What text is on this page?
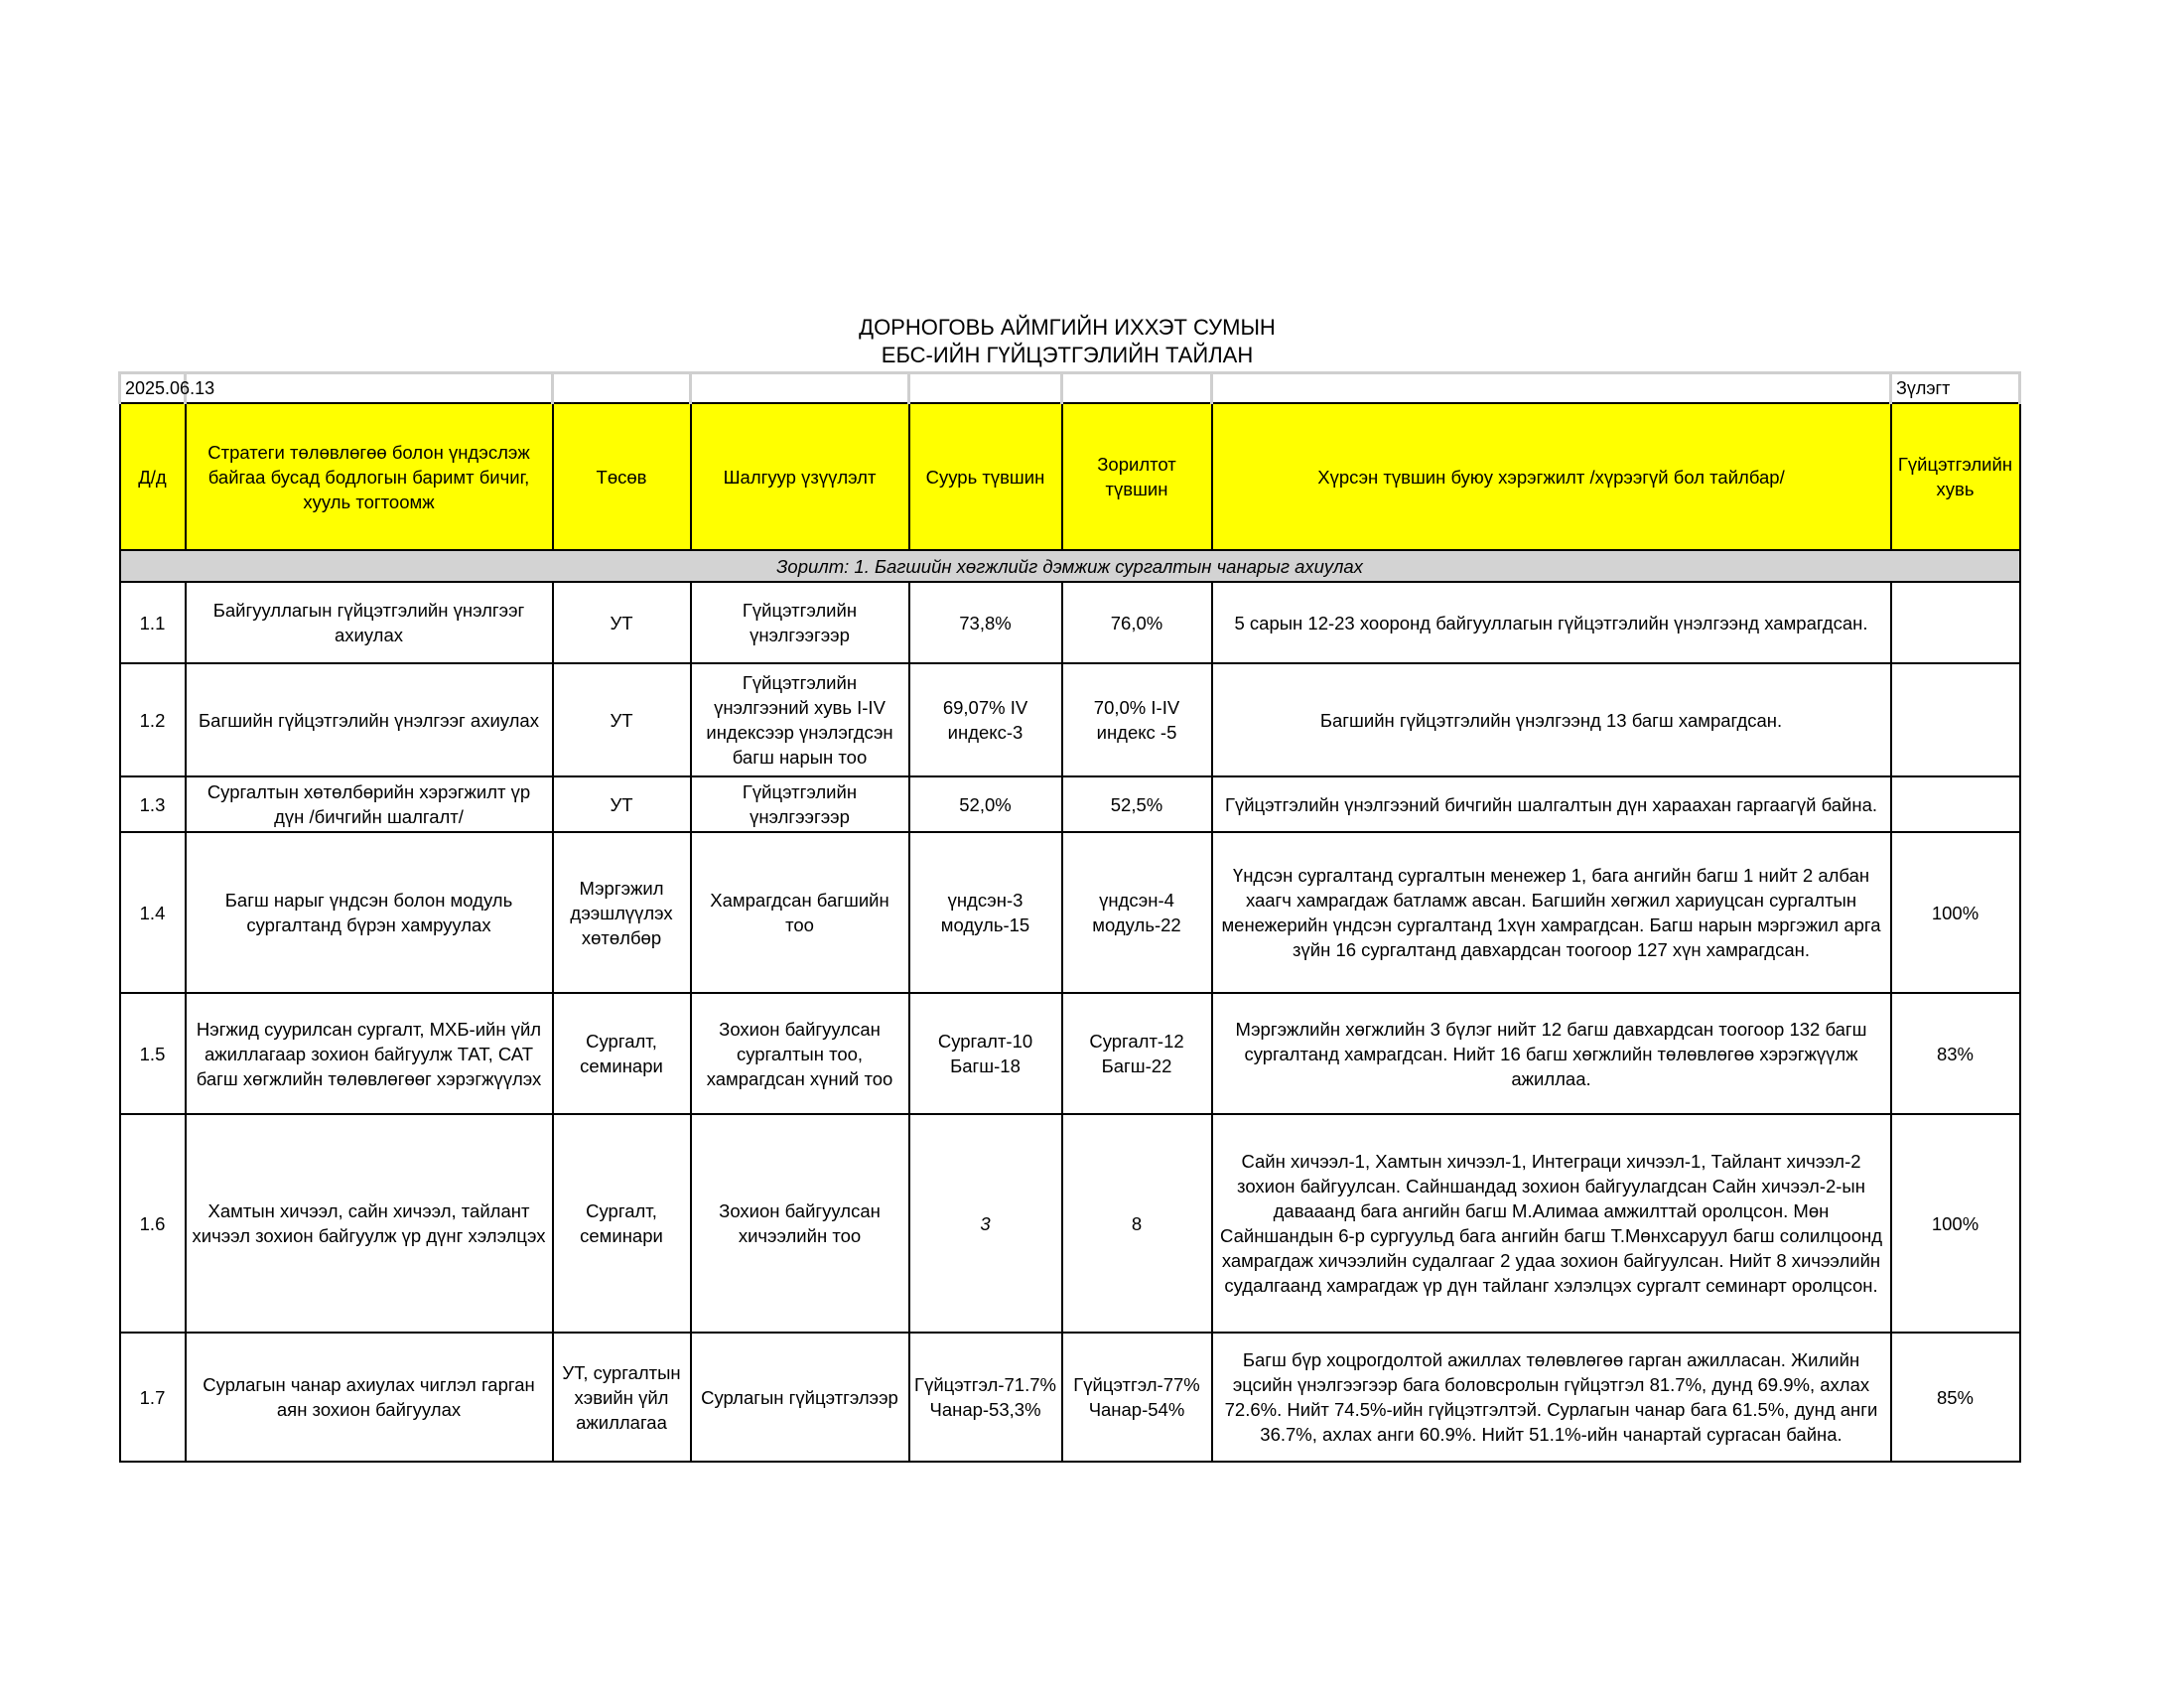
ДОРНОГОВЬ АЙМГИЙН ИХХЭТ СУМЫН
ЕБС-ИЙН ГҮЙЦЭТГЭЛИЙН ТАЙЛАН
2025.06.13							Зүлэгт
Д/д	Стратеги төлөвлөгөө болон үндэслэж байгаа бусад бодлогын баримт бичиг, хууль тогтоомж	Төсөв	Шалгуур үзүүлэлт	Суурь түвшин	Зорилтот түвшин	Хүрсэн түвшин буюу хэрэгжилт /хүрээгүй бол тайлбар/	Гүйцэтгэлийн хувь
Зорилт: 1. Багшийн хөгжлийг дэмжиж сургалтын чанарыг ахиулах							
1.1	Байгууллагын гүйцэтгэлийн үнэлгээг ахиулах	УТ	Гүйцэтгэлийн үнэлгээгээр	73,8%	76,0%	5 сарын 12-23 хооронд байгууллагын гүйцэтгэлийн үнэлгээнд хамрагдсан.	
1.2	Багшийн гүйцэтгэлийн үнэлгээг ахиулах	УТ	Гүйцэтгэлийн үнэлгээний хувь I-IV индексээр үнэлэгдсэн багш нарын тоо	69,07% IV индекс-3	70,0% I-IV индекс -5	Багшийн гүйцэтгэлийн үнэлгээнд 13 багш хамрагдсан.	
1.3	Сургалтын хөтөлбөрийн хэрэгжилт үр дүн /бичгийн шалгалт/	УТ	Гүйцэтгэлийн үнэлгээгээр	52,0%	52,5%	Гүйцэтгэлийн үнэлгээний бичгийн шалгалтын дүн хараахан гаргаагүй байна.	
1.4	Багш нарыг үндсэн болон модуль сургалтанд бүрэн хамруулах	Мэргэжил дээшлүүлэх хөтөлбөр	Хамрагдсан багшийн тоо	үндсэн-3 модуль-15	үндсэн-4 модуль-22	Үндсэн сургалтанд сургалтын менежер 1, бага ангийн багш 1 нийт 2 албан хаагч хамрагдаж батламж авсан. Багшийн хөгжил хариуцсан сургалтын менежерийн үндсэн сургалтанд 1хүн хамрагдсан. Багш нарын мэргэжил арга зүйн 16 сургалтанд давхардсан тоогоор 127 хүн хамрагдсан.	100%
1.5	Нэгжид суурилсан сургалт, МХБ-ийн үйл ажиллагаар зохион байгуулж ТАТ, САТ багш хөгжлийн төлөвлөгөөг хэрэгжүүлэх	Сургалт, семинари	Зохион байгуулсан сургалтын тоо, хамрагдсан хүний тоо	Сургалт-10 Багш-18	Сургалт-12 Багш-22	Мэргэжлийн хөгжлийн 3 бүлэг нийт 12 багш давхардсан тоогоор 132 багш сургалтанд хамрагдсан. Нийт 16 багш хөгжлийн төлөвлөгөө хэрэгжүүлж ажиллаа.	83%
1.6	Хамтын хичээл, сайн хичээл, тайлант хичээл зохион байгуулж үр дүнг хэлэлцэх	Сургалт, семинари	Зохион байгуулсан хичээлийн тоо	3	8	Сайн хичээл-1, Хамтын хичээл-1, Интеграци хичээл-1, Тайлант хичээл-2 зохион байгуулсан. Сайншандад зохион байгуулагдсан Сайн хичээл-2-ын давааанд бага ангийн багш М.Алимаа амжилттай оролцсон. Мөн Сайншандын 6-р сургуульд бага ангийн багш Т.Мөнхсаруул багш солилцоонд хамрагдаж хичээлийн судалгааг 2 удаа зохион байгуулсан. Нийт 8 хичээлийн судалгаанд хамрагдаж үр дүн тайланг хэлэлцэх сургалт семинарт оролцсон.	100%
1.7	Сурлагын чанар ахиулах чиглэл гарган аян зохион байгуулах	УТ, сургалтын хэвийн үйл ажиллагаа	Сурлагын гүйцэтгэлээр	Гүйцэтгэл-71.7% Чанар-53,3%	Гүйцэтгэл-77% Чанар-54%	Багш бүр хоцрогдолтой ажиллах төлөвлөгөө гарган ажилласан. Жилийн эцсийн үнэлгээгээр бага боловсролын гүйцэтгэл 81.7%, дунд 69.9%, ахлах 72.6%. Нийт 74.5%-ийн гүйцэтгэлтэй. Сурлагын чанар бага 61.5%, дунд анги 36.7%, ахлах анги 60.9%. Нийт 51.1%-ийн чанартай сургасан байна.	85%
